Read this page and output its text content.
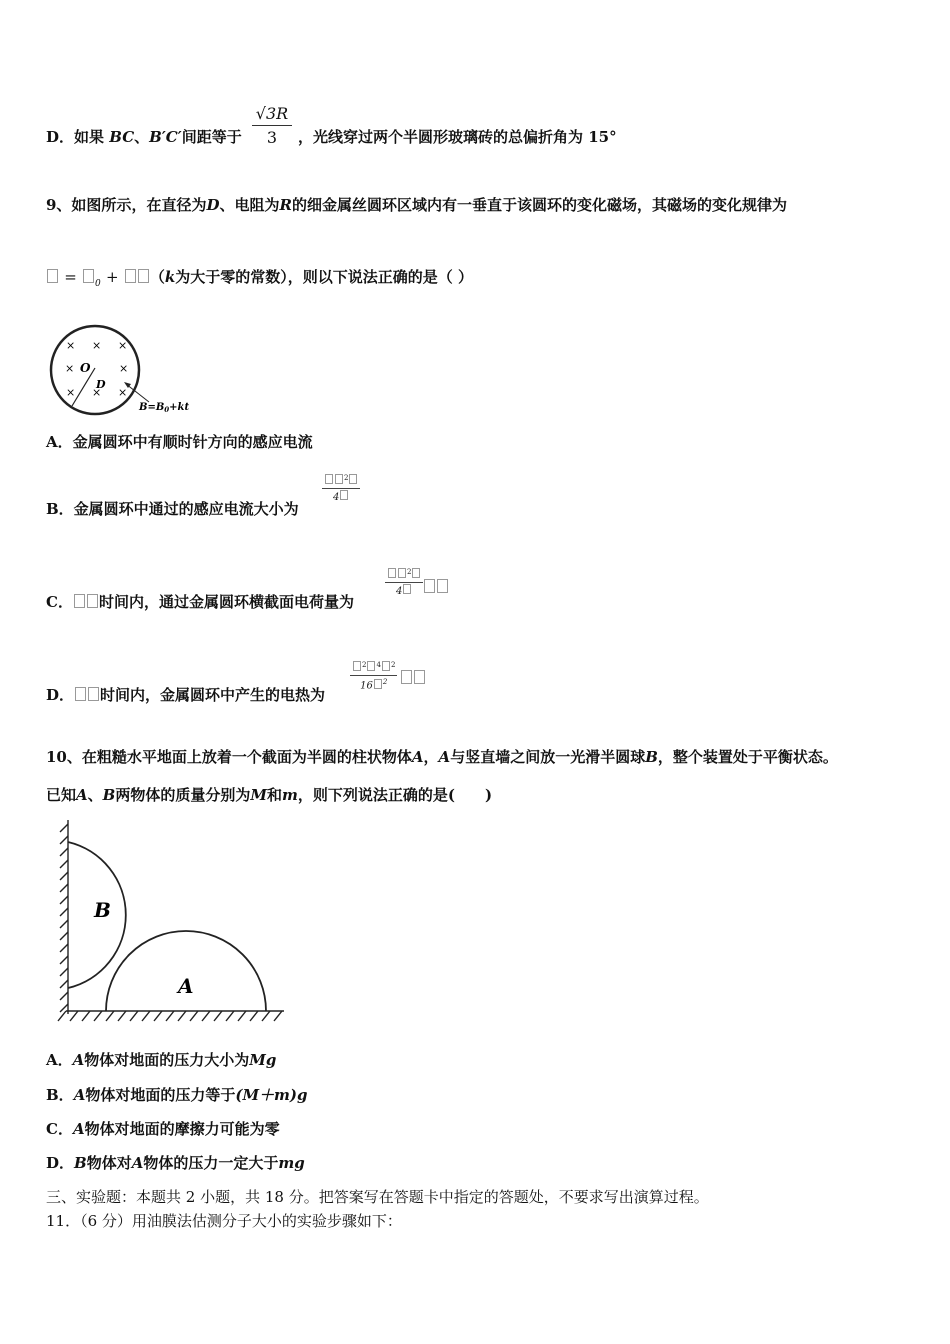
D．如果 BC、B′C′间距等于
√3R
3	，光线穿过两个半圆形玻璃砖的总偏折角为 15°
9、如图所示，在直径为D、电阻为R的细金属丝圆环区域内有一垂直于该圆环的变化磁场，其磁场的变化规律为
= $_0$ + （k为大于零的常数），则以下说法正确的是（ ）
× × ×
×	×
× × ×
O
D
$B=B_0+kt$
A．金属圆环中有顺时针方向的感应电流
B．金属圆环中通过的感应电流大小为
$\frac{^2}{4}$
C． 时间内，通过金属圆环横截面电荷量为
$\frac{^2}{4}$
D． 时间内，金属圆环中产生的电热为
$\frac{^2 ^4 ^2}{16 ^2}$
10、在粗糙水平地面上放着一个截面为半圆的柱状物体A，A与竖直墙之间放一光滑半圆球B，整个装置处于平衡状态。
已知A、B两物体的质量分别为M和m，则下列说法正确的是(　　)
B
A
A．A物体对地面的压力大小为Mg
B．A物体对地面的压力等于(M＋m)g
C．A物体对地面的摩擦力可能为零
D．B物体对A物体的压力一定大于mg
三、实验题：本题共 2 小题，共 18 分。把答案写在答题卡中指定的答题处，不要求写出演算过程。
11．（6 分）用油膜法估测分子大小的实验步骤如下：
